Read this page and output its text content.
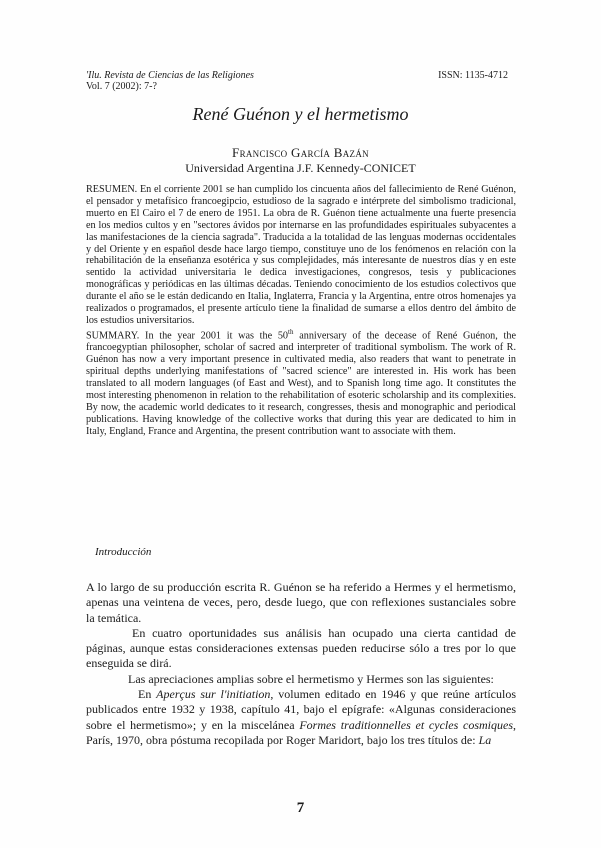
'Ilu. Revista de Ciencias de las Religiones
Vol. 7 (2002): 7-?
ISSN: 1135-4712
René Guénon y el hermetismo
Francisco García Bazán
Universidad Argentina J.F. Kennedy-CONICET

RESUMEN. En el corriente 2001 se han cumplido los cincuenta años del fallecimiento de René Guénon, el pensador y metafísico francoegipcio, estudioso de la sagrado e intérprete del simbolismo tradicional, muerto en El Cairo el 7 de enero de 1951. La obra de R. Guénon tiene actualmente una fuerte presencia en los medios cultos y en "sectores ávidos por internarse en las profundidades espirituales subyacentes a las manifestaciones de la ciencia sagrada". Traducida a la totalidad de las lenguas modernas occidentales y del Oriente y en español desde hace largo tiempo, constituye uno de los fenómenos en relación con la rehabilitación de la enseñanza esotérica y sus complejidades, más interesante de nuestros días y en este sentido la actividad universitaria le dedica investigaciones, congresos, tesis y publicaciones monográficas y periódicas en las últimas décadas. Teniendo conocimiento de los estudios colectivos que durante el año se le están dedicando en Italia, Inglaterra, Francia y la Argentina, entre otros homenajes ya realizados o programados, el presente artículo tiene la finalidad de sumarse a ellos dentro del ámbito de los estudios universitarios.

SUMMARY. In the year 2001 it was the 50th anniversary of the decease of René Guénon, the francoegyptian philosopher, scholar of sacred and interpreter of traditional symbolism. The work of R. Guénon has now a very important presence in cultivated media, also readers that want to penetrate in spiritual depths underlying manifestations of "sacred science" are interested in. His work has been translated to all modern languages (of East and West), and to Spanish long time ago. It constitutes the most interesting phenomenon in relation to the rehabilitation of esoteric scholarship and its complexities. By now, the academic world dedicates to it research, congresses, thesis and monographic and periodical publications. Having knowledge of the collective works that during this year are dedicated to him in Italy, England, France and Argentina, the present contribution want to associate with them.

Introducción

A lo largo de su producción escrita R. Guénon se ha referido a Hermes y el hermetismo, apenas una veintena de veces, pero, desde luego, que con reflexiones sustanciales sobre la temática.

En cuatro oportunidades sus análisis han ocupado una cierta cantidad de páginas, aunque estas consideraciones extensas pueden reducirse sólo a tres por lo que enseguida se dirá.

Las apreciaciones amplias sobre el hermetismo y Hermes son las siguientes:

En Aperçus sur l'initiation, volumen editado en 1946 y que reúne artículos publicados entre 1932 y 1938, capítulo 41, bajo el epígrafe: «Algunas consideraciones sobre el hermetismo»; y en la miscelánea Formes traditionnelles et cycles cosmiques, París, 1970, obra póstuma recopilada por Roger Maridort, bajo los tres títulos de: La

7
